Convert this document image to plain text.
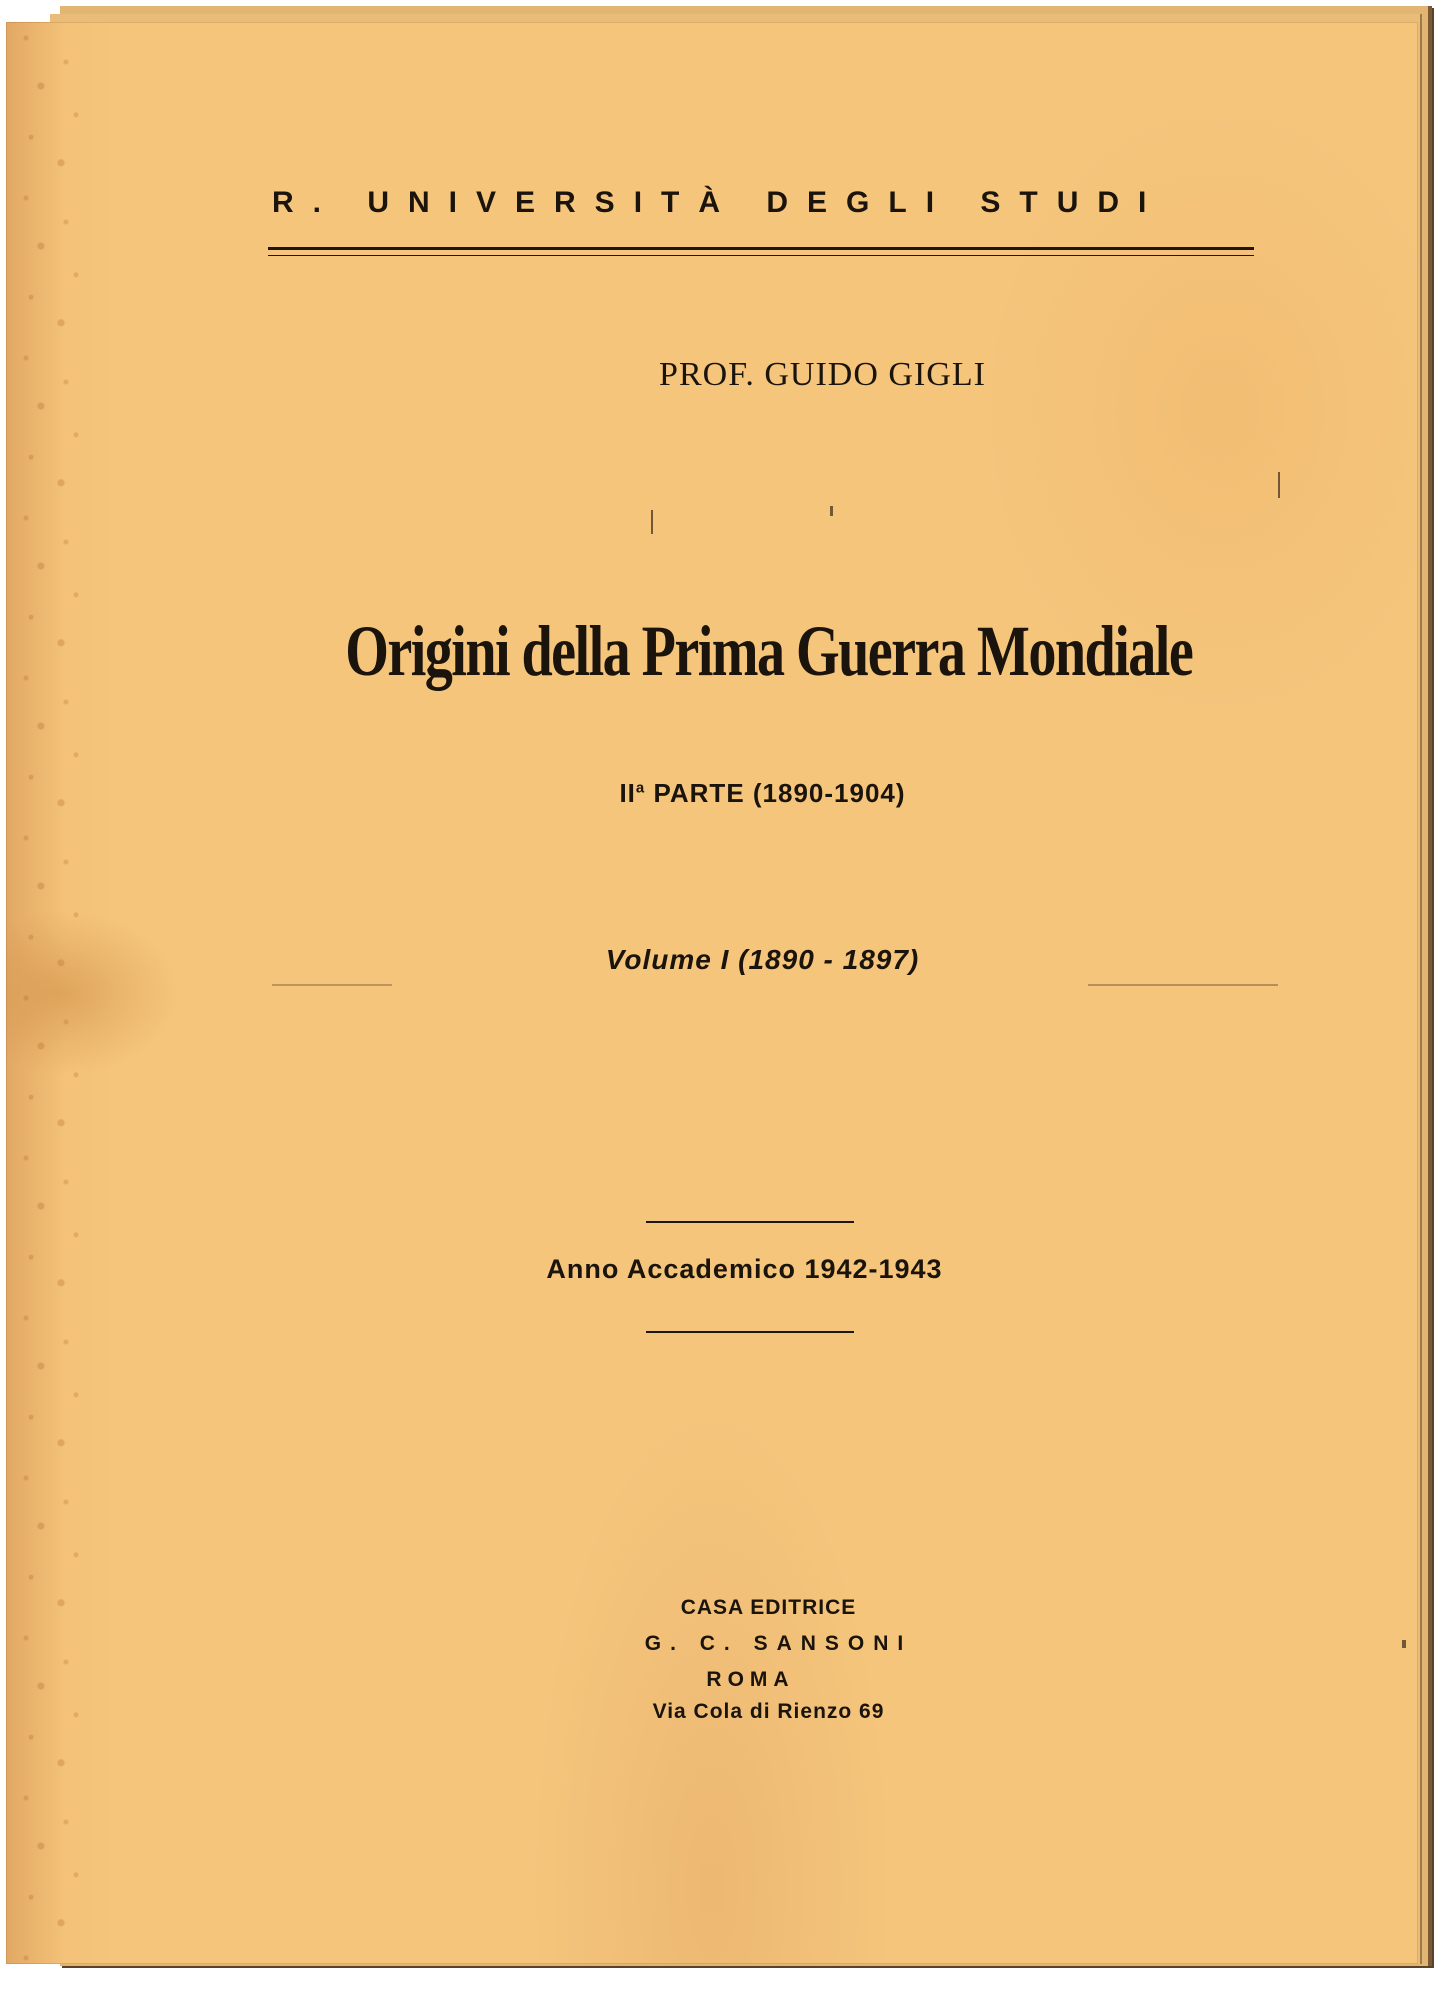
R. UNIVERSITÀ DEGLI STUDI
PROF. GUIDO GIGLI
Origini della Prima Guerra Mondiale
$II^a$ PARTE (1890-1904)
Volume I (1890 - 1897)
Anno Accademico 1942-1943
CASA EDITRICE
G. C. SANSONI
ROMA
Via Cola di Rienzo 69
